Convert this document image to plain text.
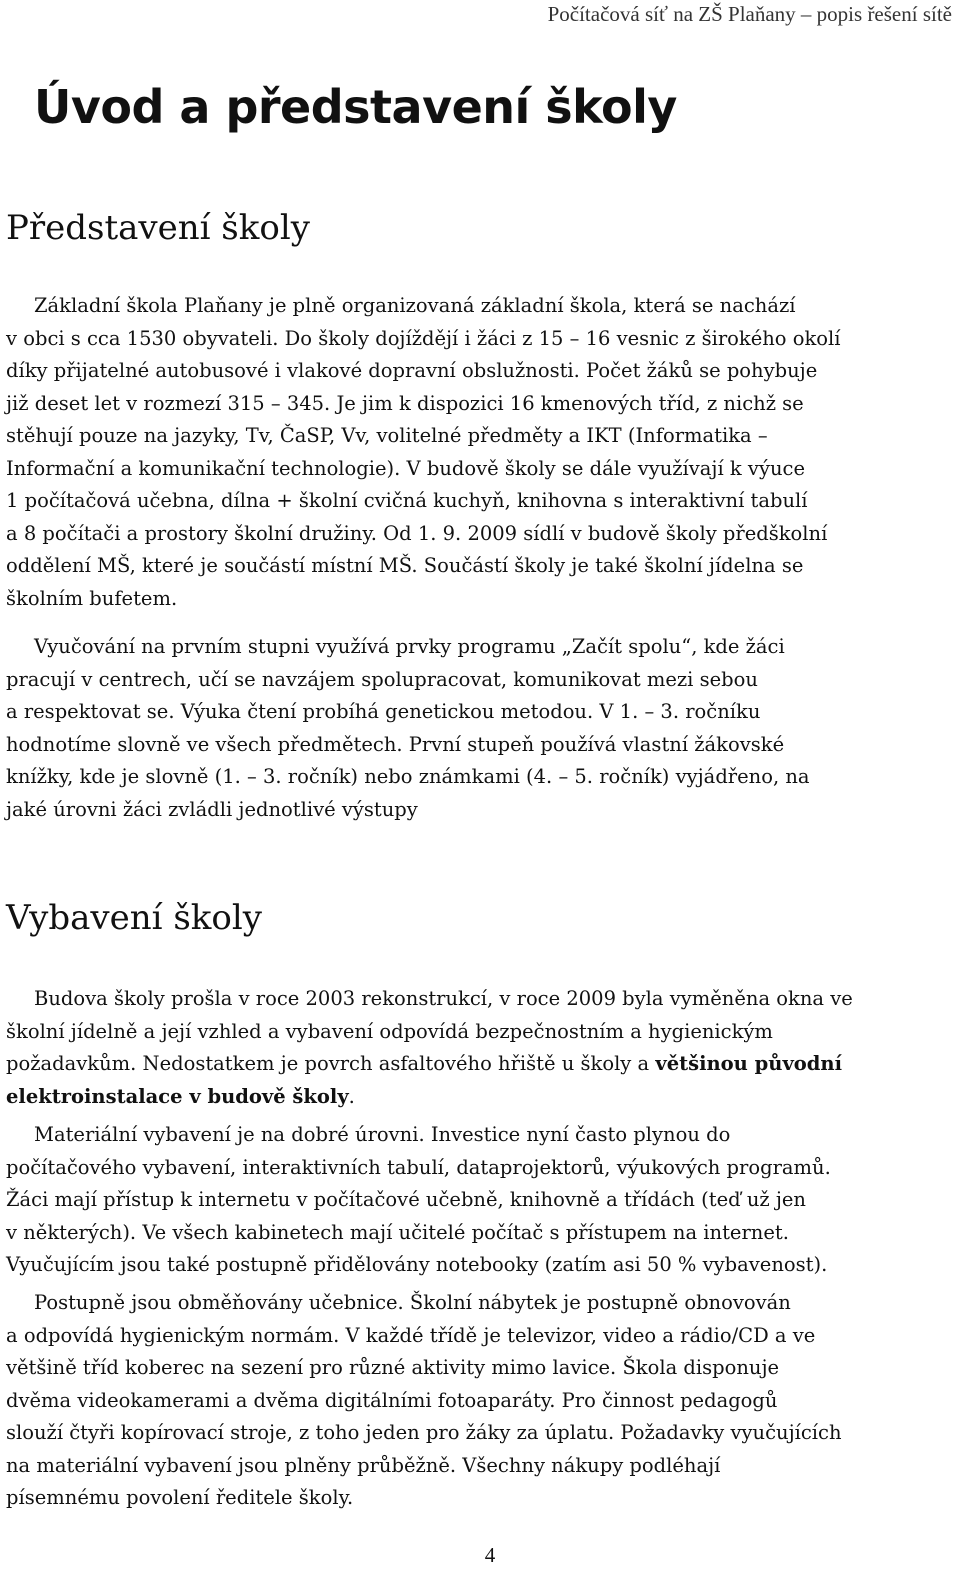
Počítačová síť na ZŠ Plaňany – popis řešení sítě
Úvod a představení školy
Představení školy

Základní škola Plaňany je plně organizovaná základní škola, která se nachází
v obci s cca 1530 obyvateli. Do školy dojíždějí i žáci z 15 – 16 vesnic z širokého okolí
díky přijatelné autobusové i vlakové dopravní obslužnosti. Počet žáků se pohybuje
již deset let v rozmezí 315 – 345. Je jim k dispozici 16 kmenových tříd, z nichž se
stěhují pouze na jazyky, Tv, ČaSP, Vv, volitelné předměty a IKT (Informatika –
Informační a komunikační technologie). V budově školy se dále využívají k výuce
1 počítačová učebna, dílna + školní cvičná kuchyň, knihovna s interaktivní tabulí
a 8 počítači a prostory školní družiny. Od 1. 9. 2009 sídlí v budově školy předškolní
oddělení MŠ, které je součástí místní MŠ. Součástí školy je také školní jídelna se
školním bufetem.

Vyučování na prvním stupni využívá prvky programu „Začít spolu“, kde žáci
pracují v centrech, učí se navzájem spolupracovat, komunikovat mezi sebou
a respektovat se. Výuka čtení probíhá genetickou metodou. V 1. – 3. ročníku
hodnotíme slovně ve všech předmětech. První stupeň používá vlastní žákovské
knížky, kde je slovně (1. – 3. ročník) nebo známkami (4. – 5. ročník) vyjádřeno, na
jaké úrovni žáci zvládli jednotlivé výstupy

Vybavení školy

Budova školy prošla v roce 2003 rekonstrukcí, v roce 2009 byla vyměněna okna ve
školní jídelně a její vzhled a vybavení odpovídá bezpečnostním a hygienickým
požadavkům. Nedostatkem je povrch asfaltového hřiště u školy a většinou původní
elektroinstalace v budově školy.

Materiální vybavení je na dobré úrovni. Investice nyní často plynou do
počítačového vybavení, interaktivních tabulí, dataprojektorů, výukových programů.
Žáci mají přístup k internetu v počítačové učebně, knihovně a třídách (teď už jen
v některých). Ve všech kabinetech mají učitelé počítač s přístupem na internet.
Vyučujícím jsou také postupně přidělovány notebooky (zatím asi 50 % vybavenost).

Postupně jsou obměňovány učebnice. Školní nábytek je postupně obnovován
a odpovídá hygienickým normám. V každé třídě je televizor, video a rádio/CD a ve
většině tříd koberec na sezení pro různé aktivity mimo lavice. Škola disponuje
dvěma videokamerami a dvěma digitálními fotoaparáty. Pro činnost pedagogů
slouží čtyři kopírovací stroje, z toho jeden pro žáky za úplatu. Požadavky vyučujících
na materiální vybavení jsou plněny průběžně. Všechny nákupy podléhají
písemnému povolení ředitele školy.

4
